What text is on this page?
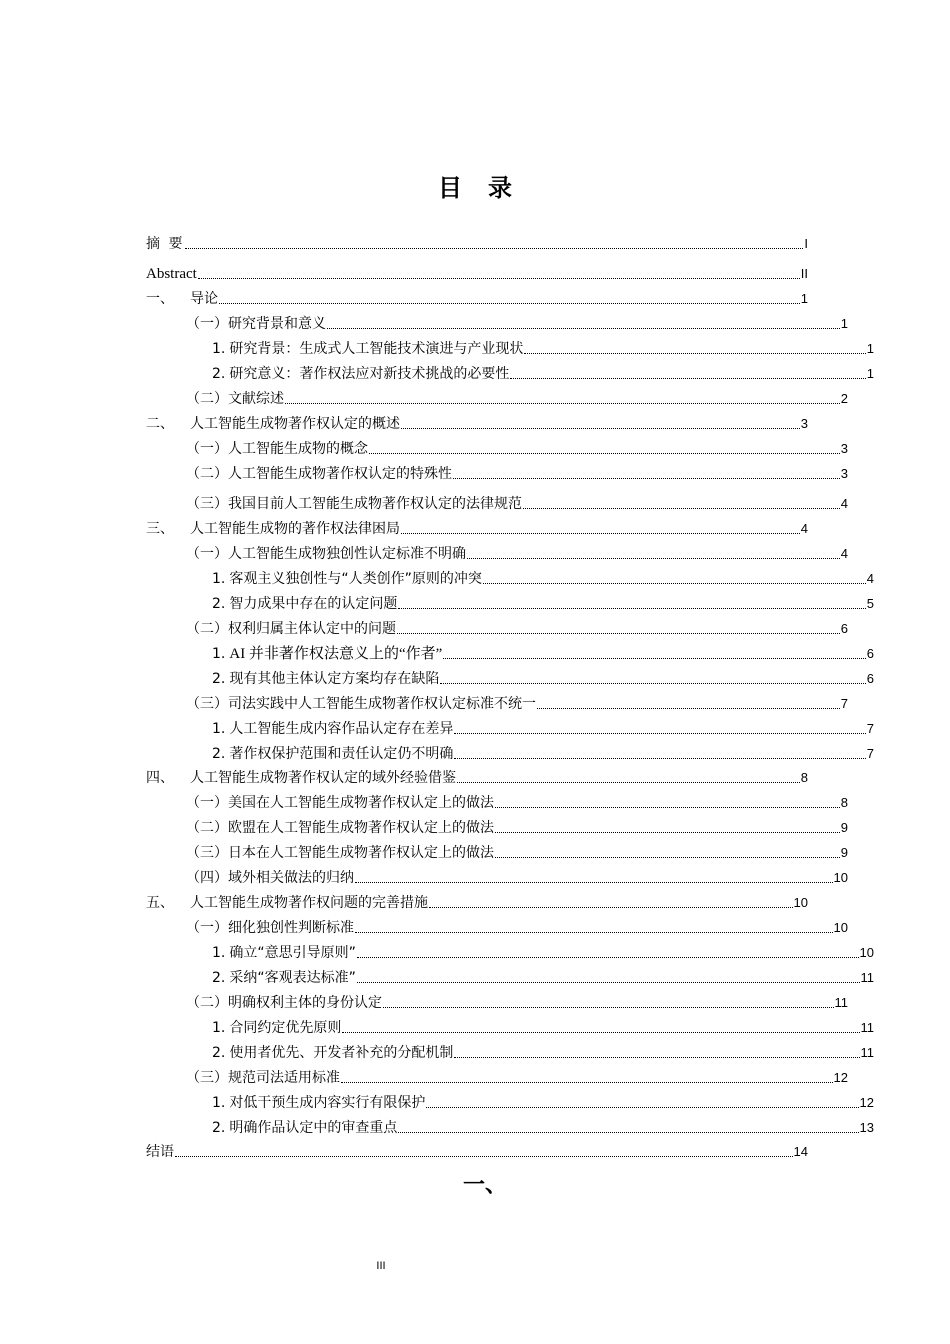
目 录
摘 要	I
Abstract	II
一、 导论	1
（一）研究背景和意义	1
1. 研究背景：生成式人工智能技术演进与产业现状	1
2. 研究意义：著作权法应对新技术挑战的必要性	1
（二）文献综述	2
二、 人工智能生成物著作权认定的概述	3
（一）人工智能生成物的概念	3
（二）人工智能生成物著作权认定的特殊性	3
（三）我国目前人工智能生成物著作权认定的法律规范	4
三、 人工智能生成物的著作权法律困局	4
（一）人工智能生成物独创性认定标准不明确	4
1. 客观主义独创性与“人类创作”原则的冲突	4
2. 智力成果中存在的认定问题	5
（二）权利归属主体认定中的问题	6
1. AI 并非著作权法意义上的“作者”	6
2. 现有其他主体认定方案均存在缺陷	6
（三）司法实践中人工智能生成物著作权认定标准不统一	7
1. 人工智能生成内容作品认定存在差异	7
2. 著作权保护范围和责任认定仍不明确	7
四、 人工智能生成物著作权认定的域外经验借鉴	8
（一）美国在人工智能生成物著作权认定上的做法	8
（二）欧盟在人工智能生成物著作权认定上的做法	9
（三）日本在人工智能生成物著作权认定上的做法	9
（四）域外相关做法的归纳	10
五、 人工智能生成物著作权问题的完善措施	10
（一）细化独创性判断标准	10
1. 确立“意思引导原则”	10
2. 采纳“客观表达标准”	11
（二）明确权利主体的身份认定	11
1. 合同约定优先原则	11
2. 使用者优先、开发者补充的分配机制	11
（三）规范司法适用标准	12
1. 对低干预生成内容实行有限保护	12
2. 明确作品认定中的审查重点	13
结语	14
一、
III
